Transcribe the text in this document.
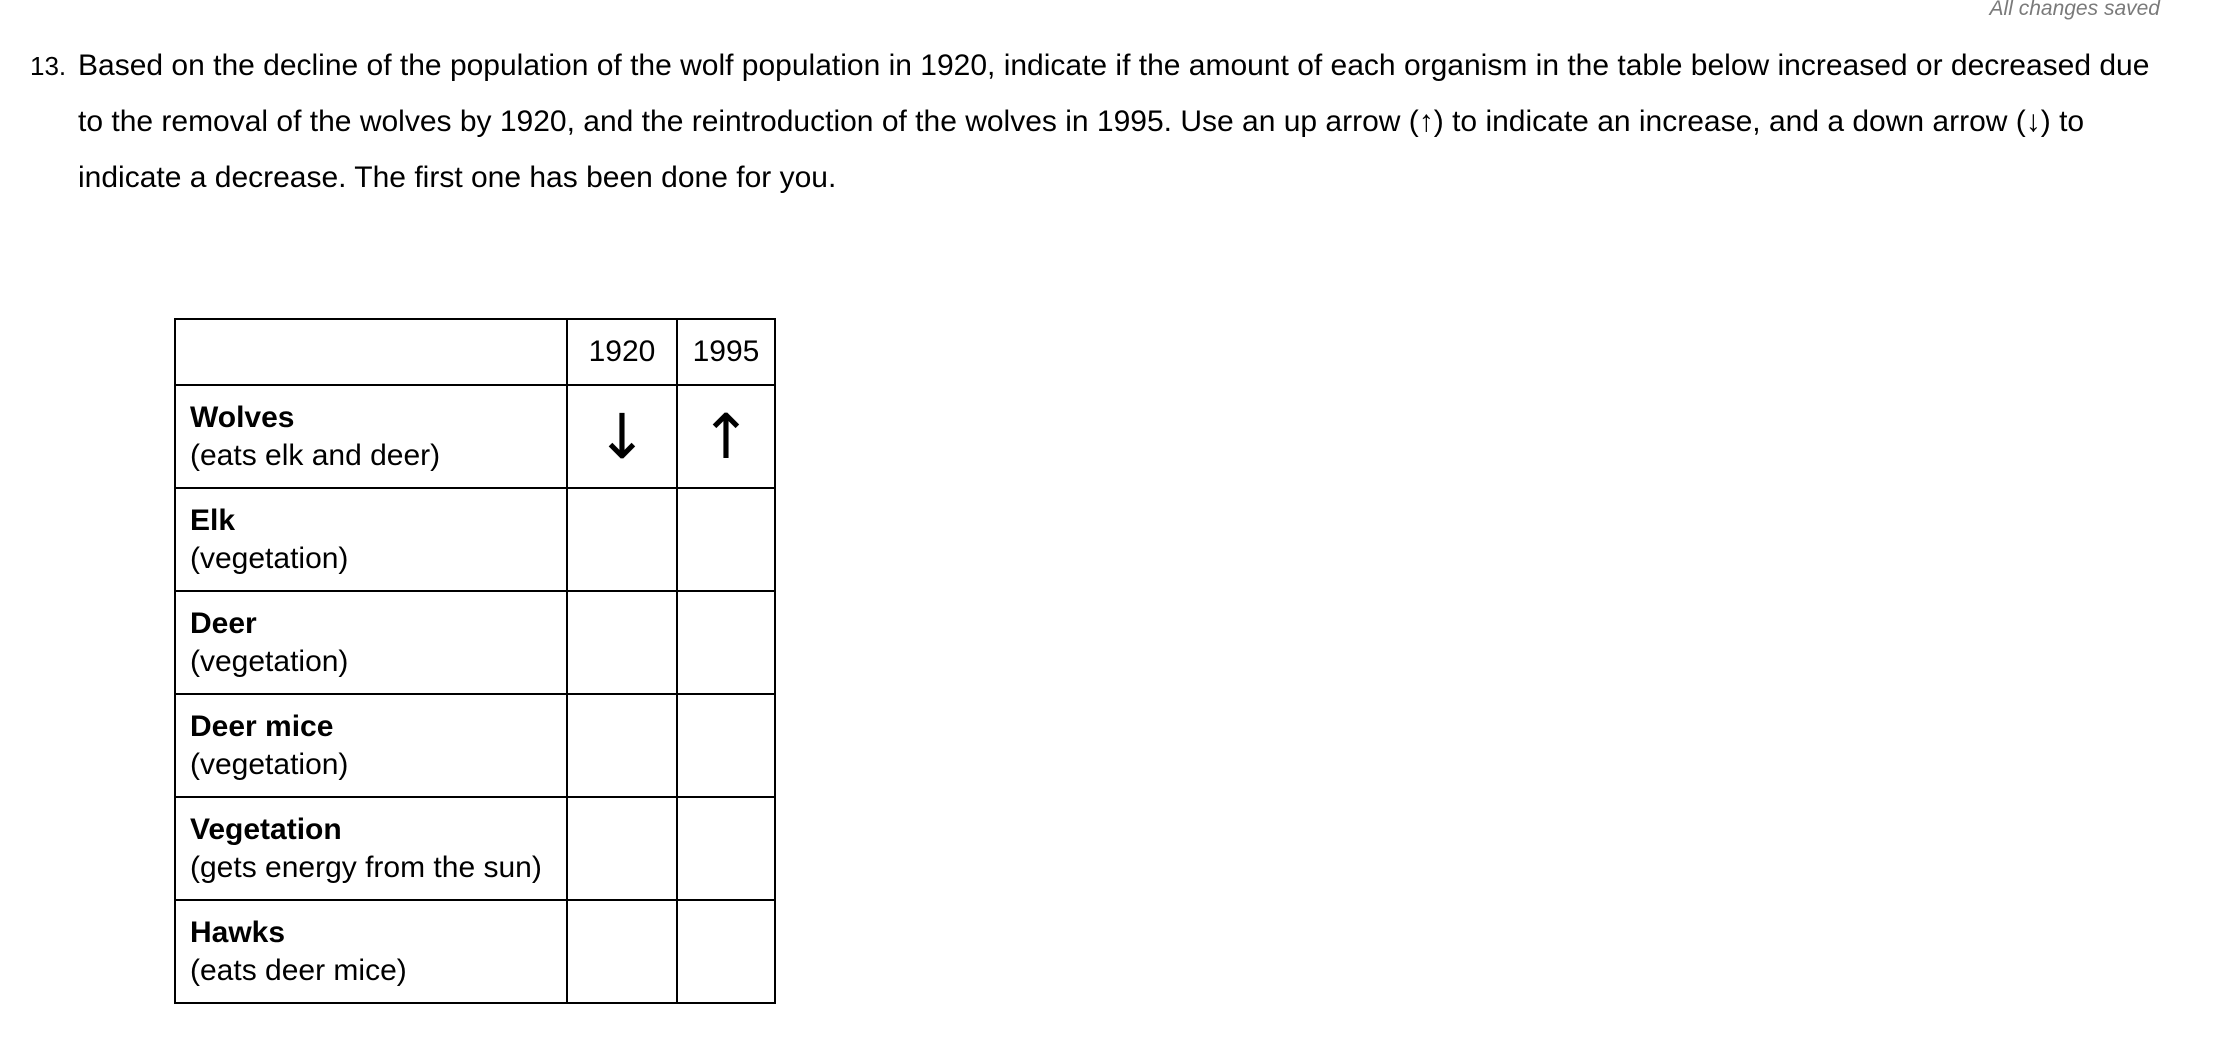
All changes saved
13. Based on the decline of the population of the wolf population in 1920, indicate if the amount of each organism in the table below increased or decreased due to the removal of the wolves by 1920, and the reintroduction of the wolves in 1995. Use an up arrow (↑) to indicate an increase, and a down arrow (↓) to indicate a decrease. The first one has been done for you.
	1920	1995

Wolves
(eats elk and deer)	↓	↑

Elk
(vegetation)		

Deer
(vegetation)		

Deer mice
(vegetation)		

Vegetation
(gets energy from the sun)		

Hawks
(eats deer mice)		
